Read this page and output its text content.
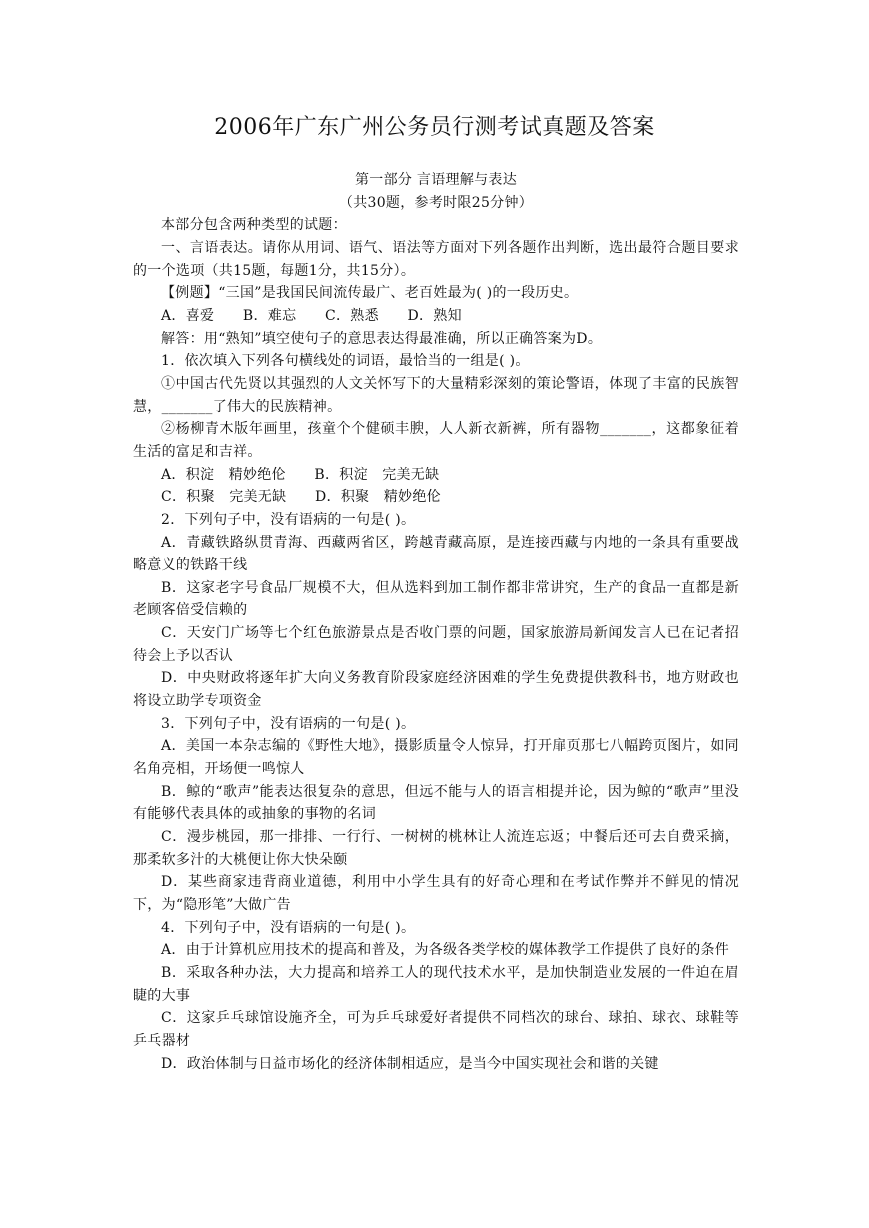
2006年广东广州公务员行测考试真题及答案

第一部分 言语理解与表达

（共30题，参考时限25分钟）

本部分包含两种类型的试题：

一、言语表达。请你从用词、语气、语法等方面对下列各题作出判断，选出最符合题目要求的一个选项（共15题，每题1分，共15分）。

【例题】“三国”是我国民间流传最广、老百姓最为( )的一段历史。

A．喜爱　　B．难忘　　C．熟悉　　D．熟知

解答：用“熟知”填空使句子的意思表达得最准确，所以正确答案为D。

1．依次填入下列各句横线处的词语，最恰当的一组是( )。

①中国古代先贤以其强烈的人文关怀写下的大量精彩深刻的策论警语，体现了丰富的民族智慧，_______了伟大的民族精神。

②杨柳青木版年画里，孩童个个健硕丰腴，人人新衣新裤，所有器物_______，这都象征着生活的富足和吉祥。

A．积淀　精妙绝伦　　B．积淀　完美无缺

C．积聚　完美无缺　　D．积聚　精妙绝伦

2．下列句子中，没有语病的一句是( )。

A．青藏铁路纵贯青海、西藏两省区，跨越青藏高原，是连接西藏与内地的一条具有重要战略意义的铁路干线

B．这家老字号食品厂规模不大，但从选料到加工制作都非常讲究，生产的食品一直都是新老顾客倍受信赖的

C．天安门广场等七个红色旅游景点是否收门票的问题，国家旅游局新闻发言人已在记者招待会上予以否认

D．中央财政将逐年扩大向义务教育阶段家庭经济困难的学生免费提供教科书，地方财政也将设立助学专项资金

3．下列句子中，没有语病的一句是( )。

A．美国一本杂志编的《野性大地》，摄影质量令人惊异，打开扉页那七八幅跨页图片，如同名角亮相，开场便一鸣惊人

B．鲸的“歌声”能表达很复杂的意思，但远不能与人的语言相提并论，因为鲸的“歌声”里没有能够代表具体的或抽象的事物的名词

C．漫步桃园，那一排排、一行行、一树树的桃林让人流连忘返；中餐后还可去自费采摘，那柔软多汁的大桃便让你大快朵颐

D．某些商家违背商业道德，利用中小学生具有的好奇心理和在考试作弊并不鲜见的情况下，为“隐形笔”大做广告

4．下列句子中，没有语病的一句是( )。

A．由于计算机应用技术的提高和普及，为各级各类学校的媒体教学工作提供了良好的条件

B．采取各种办法，大力提高和培养工人的现代技术水平，是加快制造业发展的一件迫在眉睫的大事

C．这家乒乓球馆设施齐全，可为乒乓球爱好者提供不同档次的球台、球拍、球衣、球鞋等乒乓器材

D．政治体制与日益市场化的经济体制相适应，是当今中国实现社会和谐的关键
